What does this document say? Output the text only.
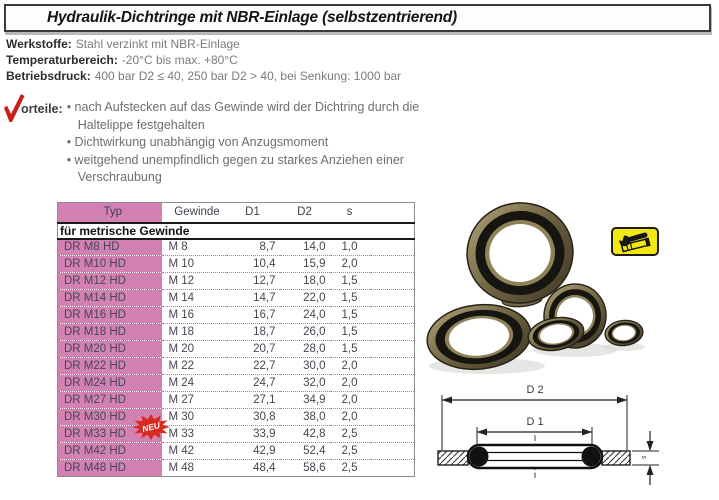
Hydraulik-Dichtringe mit NBR-Einlage (selbstzentrierend)
Werkstoffe: Stahl verzinkt mit NBR-Einlage
Temperaturbereich: -20°C bis max. +80°C
Betriebsdruck: 400 bar D2 ≤ 40, 250 bar D2 > 40, bei Senkung: 1000 bar
orteile: • nach Aufstecken auf das Gewinde wird der Dichtring durch die Haltelippe festgehalten
• Dichtwirkung unabhängig von Anzugsmoment
• weitgehend unempfindlich gegen zu starkes Anziehen einer Verschraubung
Typ	Gewinde	D1	D2	s	
für metrische Gewinde					
DR M8 HD	M 8	8,7	14,0	1,0	
DR M10 HD	M 10	10,4	15,9	2,0	
DR M12 HD	M 12	12,7	18,0	1,5	
DR M14 HD	M 14	14,7	22,0	1,5	
DR M16 HD	M 16	16,7	24,0	1,5	
DR M18 HD	M 18	18,7	26,0	1,5	
DR M20 HD	M 20	20,7	28,0	1,5	
DR M22 HD	M 22	22,7	30,0	2,0	
DR M24 HD	M 24	24,7	32,0	2,0	
DR M27 HD	M 27	27,1	34,9	2,0	
DR M30 HD	M 30	30,8	38,0	2,0	
DR M33 HD	M 33	33,9	42,8	2,5	
DR M42 HD	M 42	42,9	52,4	2,5	
DR M48 HD	M 48	48,4	58,6	2,5	
NEU
D 2
D 1
s
